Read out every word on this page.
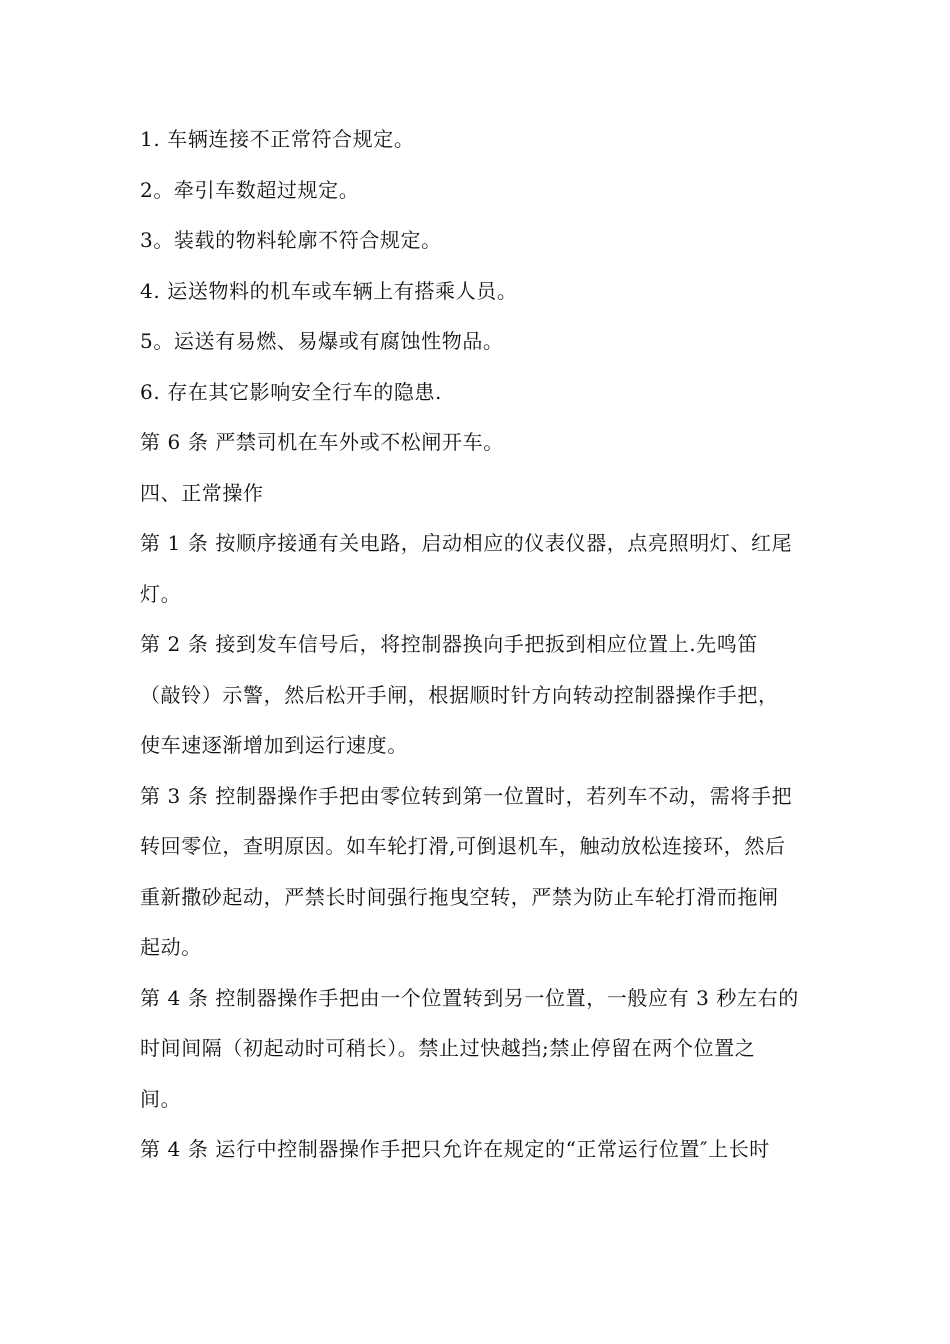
1. 车辆连接不正常符合规定。

2。牵引车数超过规定。

3。装载的物料轮廓不符合规定。

4. 运送物料的机车或车辆上有搭乘人员。

5。运送有易燃、易爆或有腐蚀性物品。

6. 存在其它影响安全行车的隐患.

第 6 条 严禁司机在车外或不松闸开车。

四、正常操作

第 1 条 按顺序接通有关电路，启动相应的仪表仪器，点亮照明灯、红尾

灯。

第 2 条 接到发车信号后，将控制器换向手把扳到相应位置上.先鸣笛

（敲铃）示警，然后松开手闸，根据顺时针方向转动控制器操作手把，

使车速逐渐增加到运行速度。

第 3 条 控制器操作手把由零位转到第一位置时，若列车不动，需将手把

转回零位，查明原因。如车轮打滑,可倒退机车，触动放松连接环，然后

重新撒砂起动，严禁长时间强行拖曳空转，严禁为防止车轮打滑而拖闸

起动。

第 4 条 控制器操作手把由一个位置转到另一位置，一般应有 3 秒左右的

时间间隔（初起动时可稍长）。禁止过快越挡;禁止停留在两个位置之

间。

第 4 条 运行中控制器操作手把只允许在规定的“正常运行位置″上长时
